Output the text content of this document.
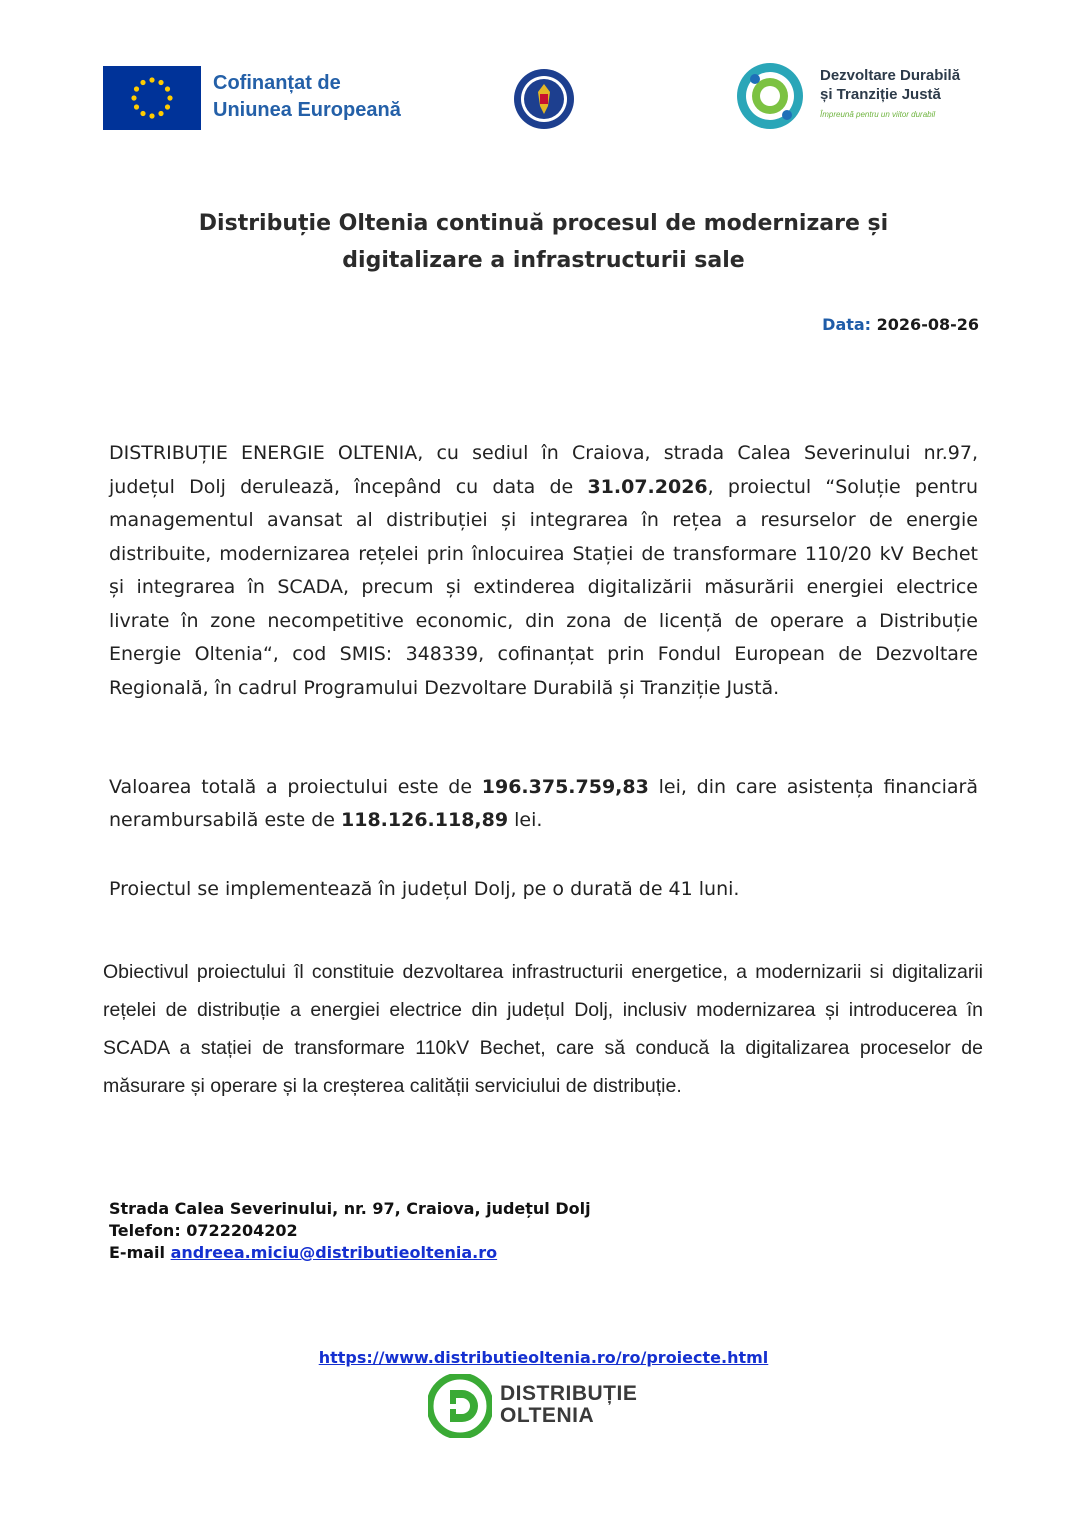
Cofinanțat de
Uniunea Europeană
Dezvoltare Durabilă
și Tranziție Justă
Împreună pentru un viitor durabil
Distribuție Oltenia continuă procesul de modernizare și
digitalizare a infrastructurii sale
Data: 2026-08-26
DISTRIBUȚIE ENERGIE OLTENIA, cu sediul în Craiova, strada Calea Severinului nr.97, județul Dolj derulează, începând cu data de 31.07.2026, proiectul “Soluție pentru managementul avansat al distribuției și integrarea în rețea a resurselor de energie distribuite, modernizarea rețelei prin înlocuirea Stației de transformare 110/20 kV Bechet și integrarea în SCADA, precum și extinderea digitalizării măsurării energiei electrice livrate în zone necompetitive economic, din zona de licență de operare a Distribuție Energie Oltenia“, cod SMIS: 348339, cofinanțat prin Fondul European de Dezvoltare Regională, în cadrul Programului Dezvoltare Durabilă și Tranziție Justă.
Valoarea totală a proiectului este de 196.375.759,83 lei, din care asistența financiară nerambursabilă este de 118.126.118,89 lei.
Proiectul se implementează în județul Dolj, pe o durată de 41 luni.
Obiectivul proiectului îl constituie dezvoltarea infrastructurii energetice, a modernizarii si digitalizarii rețelei de distribuție a energiei electrice din județul Dolj, inclusiv modernizarea și introducerea în SCADA a stației de transformare 110kV Bechet, care să conducă la digitalizarea proceselor de măsurare și operare și la creșterea calității serviciului de distribuție.
Strada Calea Severinului, nr. 97, Craiova, județul Dolj
Telefon: 0722204202
E-mail andreea.miciu@distributieoltenia.ro
https://www.distributieoltenia.ro/ro/proiecte.html
DISTRIBUȚIE
OLTENIA
